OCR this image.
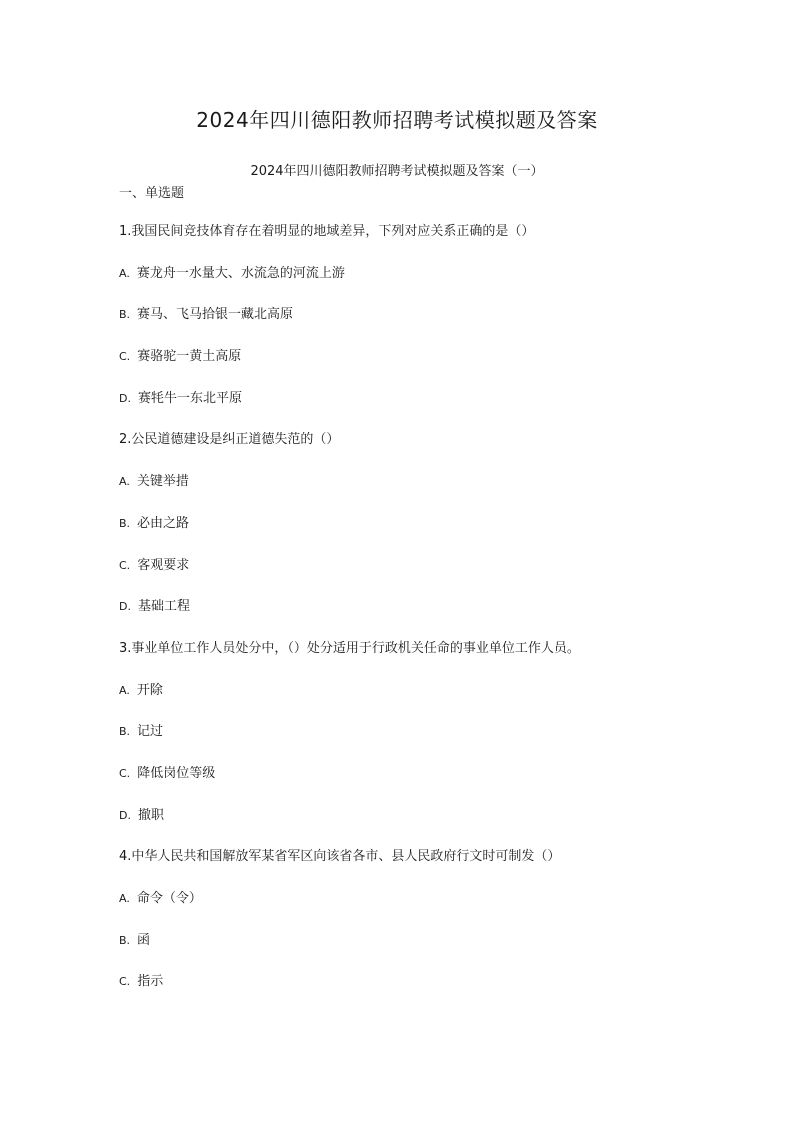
2024年四川德阳教师招聘考试模拟题及答案
2024年四川德阳教师招聘考试模拟题及答案（一）
一、单选题
1.我国民间竞技体育存在着明显的地域差异，下列对应关系正确的是（）
A. 赛龙舟一水量大、水流急的河流上游
B. 赛马、飞马拾银一藏北高原
C. 赛骆驼一黄土高原
D. 赛牦牛一东北平原
2.公民道德建设是纠正道德失范的（）
A. 关键举措
B. 必由之路
C. 客观要求
D. 基础工程
3.事业单位工作人员处分中，（）处分适用于行政机关任命的事业单位工作人员。
A. 开除
B. 记过
C. 降低岗位等级
D. 撤职
4.中华人民共和国解放军某省军区向该省各市、县人民政府行文时可制发（）
A. 命令（令）
B. 函
C. 指示
